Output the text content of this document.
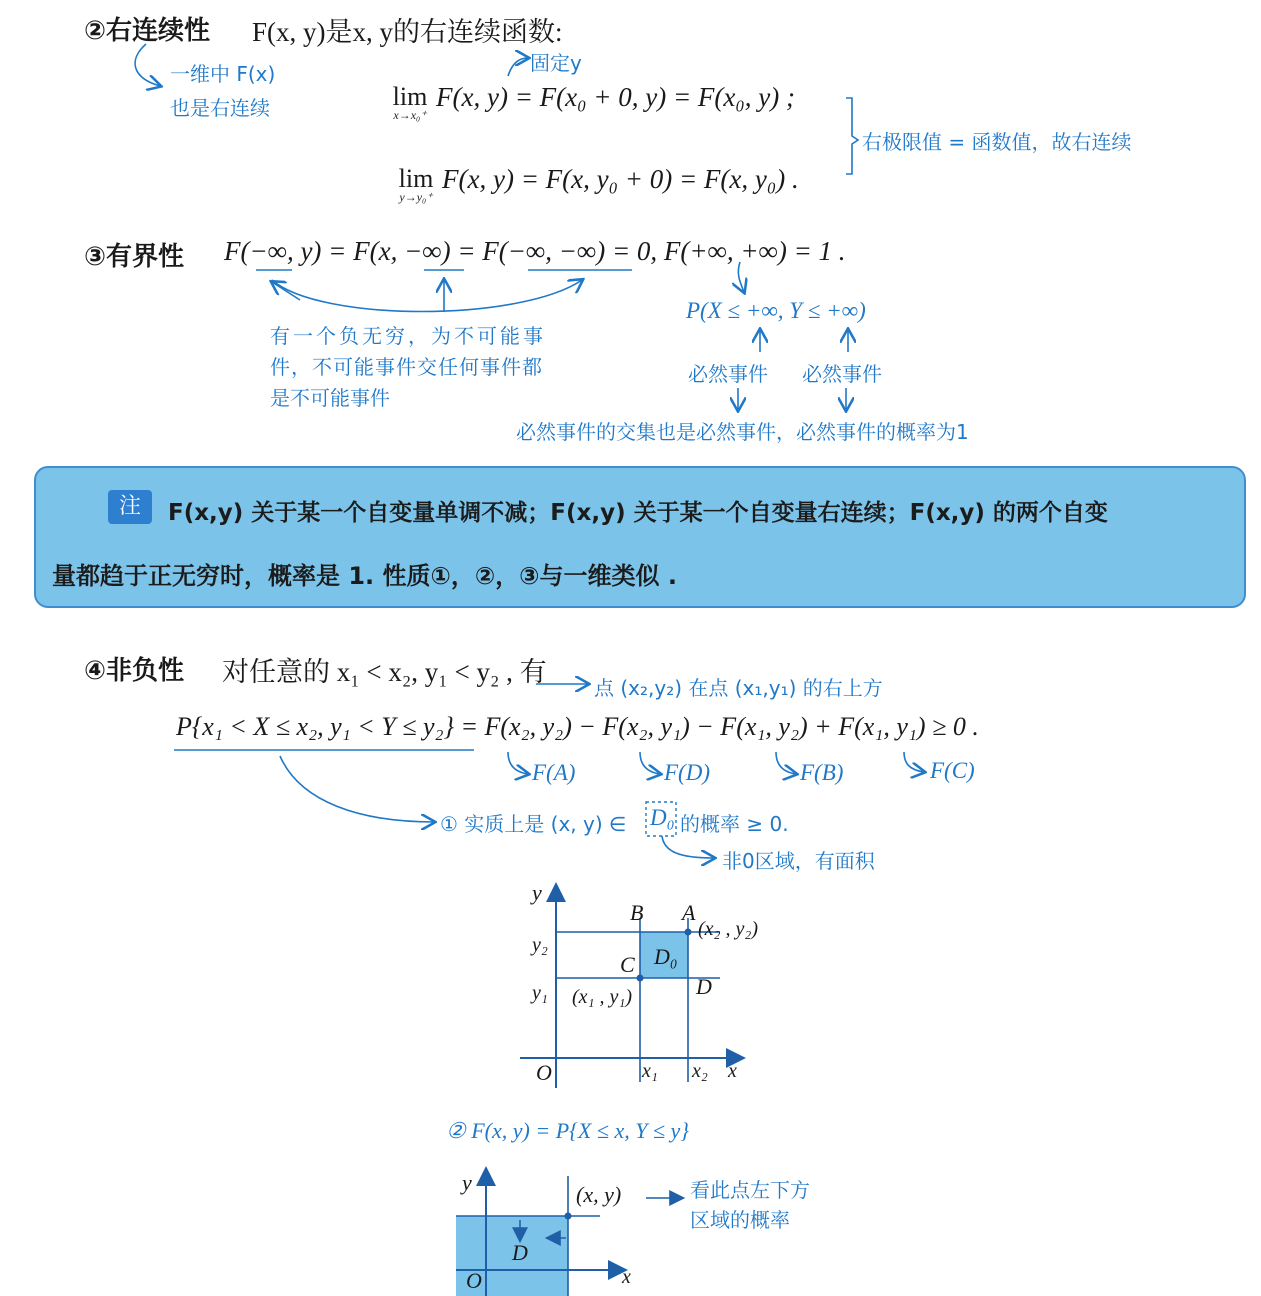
②右连续性 F(x, y)是x, y的右连续函数:
一维中 F(x)
也是右连续
固定y
lim
x→x₀⁺
F(x, y) = F(x₀ + 0, y) = F(x₀, y) ;
lim
y→y₀⁺
F(x, y) = F(x, y₀ + 0) = F(x, y₀) .
右极限值 = 函数值，故右连续
③有界性 F(−∞, y) = F(x, −∞) = F(−∞, −∞) = 0, F(+∞, +∞) = 1 .
有一个负无穷，为不可能事
件，不可能事件交任何事件都
是不可能事件
P(X ≤ +∞, Y ≤ +∞)
必然事件 必然事件
必然事件的交集也是必然事件，必然事件的概率为1
注	F(x,y) 关于某一个自变量单调不减；F(x,y) 关于某一个自变量右连续；F(x,y) 的两个自变
量都趋于正无穷时，概率是 1. 性质①，②，③与一维类似 .
④非负性 对任意的 x₁ < x₂, y₁ < y₂ , 有
点 (x₂,y₂) 在点 (x₁,y₁) 的右上方
P{x₁ < X ≤ x₂, y₁ < Y ≤ y₂} = F(x₂, y₂) − F(x₂, y₁) − F(x₁, y₂) + F(x₁, y₁) ≥ 0 .
F(A)	F(D)	F(B)	F(C)
① 实质上是 (x, y) ∈ D₀ 的概率 ≥ 0.
非0区域，有面积
y
x
O
B A
C
D
D₀
(x₂ , y₂)
(x₁ , y₁)
y₂
y₁
x₁ x₂
② F(x, y) = P{X ≤ x, Y ≤ y}
y
x
O
D
(x, y)	看此点左下方
区域的概率
